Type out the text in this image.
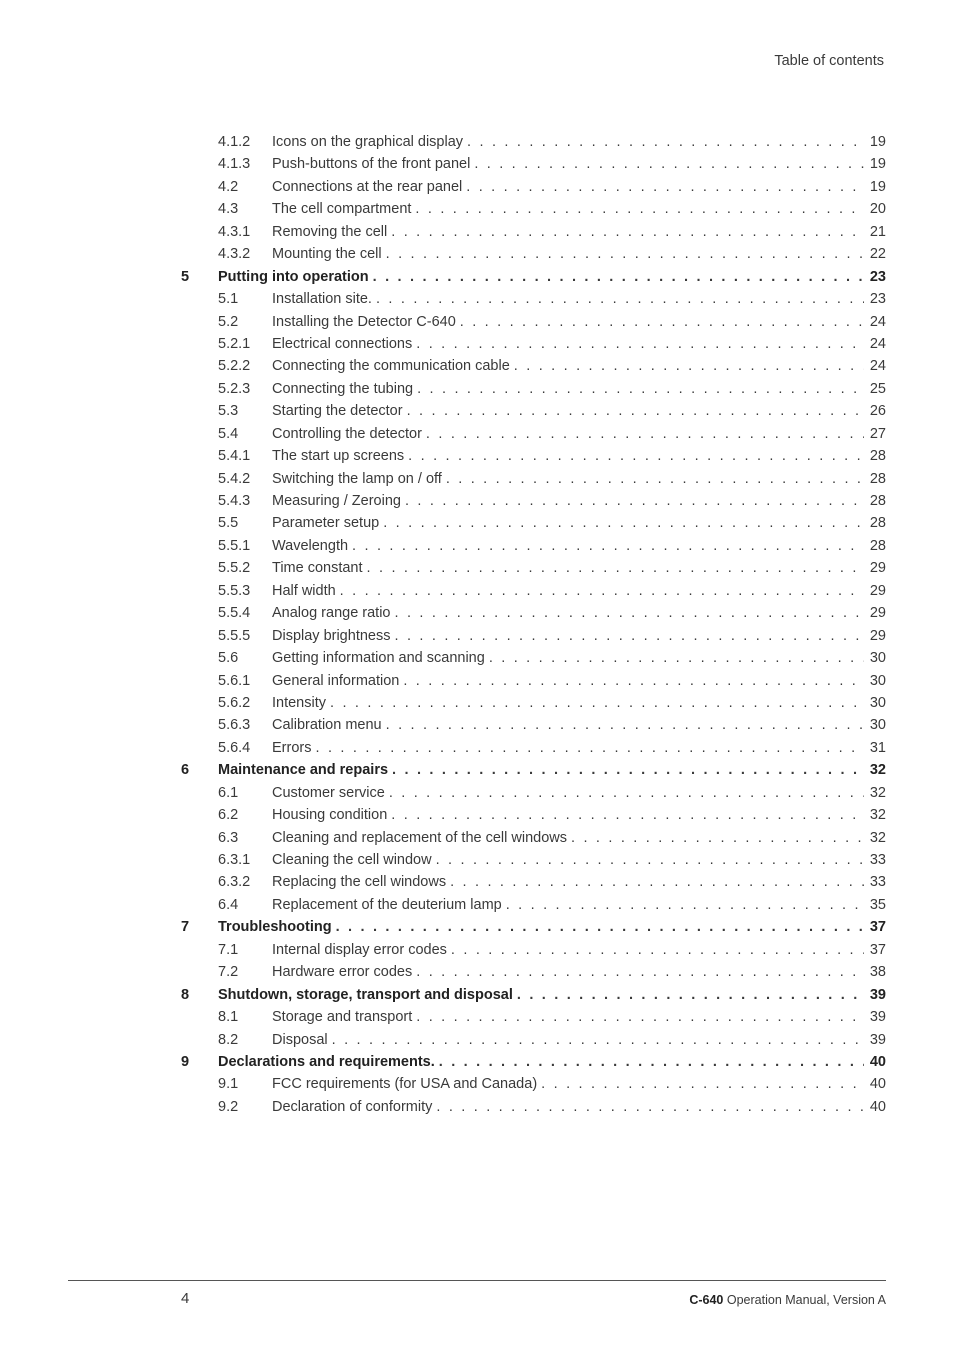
Table of contents
4.1.2	Icons on the graphical display . . .	19
4.1.3	Push-buttons of the front panel . . .	19
4.2	Connections at the rear panel . . .	19
4.3	The cell compartment . . .	20
4.3.1	Removing the cell . . .	21
4.3.2	Mounting the cell . . .	22
5	Putting into operation . . .	23
5.1	Installation site. . . .	23
5.2	Installing the Detector C-640 . . .	24
5.2.1	Electrical connections . . .	24
5.2.2	Connecting the communication cable . . .	24
5.2.3	Connecting the tubing . . .	25
5.3	Starting the detector . . .	26
5.4	Controlling the detector . . .	27
5.4.1	The start up screens . . .	28
5.4.2	Switching the lamp on / off . . .	28
5.4.3	Measuring / Zeroing . . .	28
5.5	Parameter setup . . .	28
5.5.1	Wavelength . . .	28
5.5.2	Time constant . . .	29
5.5.3	Half width . . .	29
5.5.4	Analog range ratio . . .	29
5.5.5	Display brightness . . .	29
5.6	Getting information and scanning . . .	30
5.6.1	General information . . .	30
5.6.2	Intensity . . .	30
5.6.3	Calibration menu . . .	30
5.6.4	Errors . . .	31
6	Maintenance and repairs . . .	32
6.1	Customer service . . .	32
6.2	Housing condition . . .	32
6.3	Cleaning and replacement of the cell windows . . .	32
6.3.1	Cleaning the cell window . . .	33
6.3.2	Replacing the cell windows . . .	33
6.4	Replacement of the deuterium lamp . . .	35
7	Troubleshooting . . .	37
7.1	Internal display error codes . . .	37
7.2	Hardware error codes . . .	38
8	Shutdown, storage, transport and disposal . . .	39
8.1	Storage and transport . . .	39
8.2	Disposal . . .	39
9	Declarations and requirements. . . .	40
9.1	FCC requirements (for USA and Canada) . . .	40
9.2	Declaration of conformity . . .	40
4	C-640 Operation Manual, Version A
